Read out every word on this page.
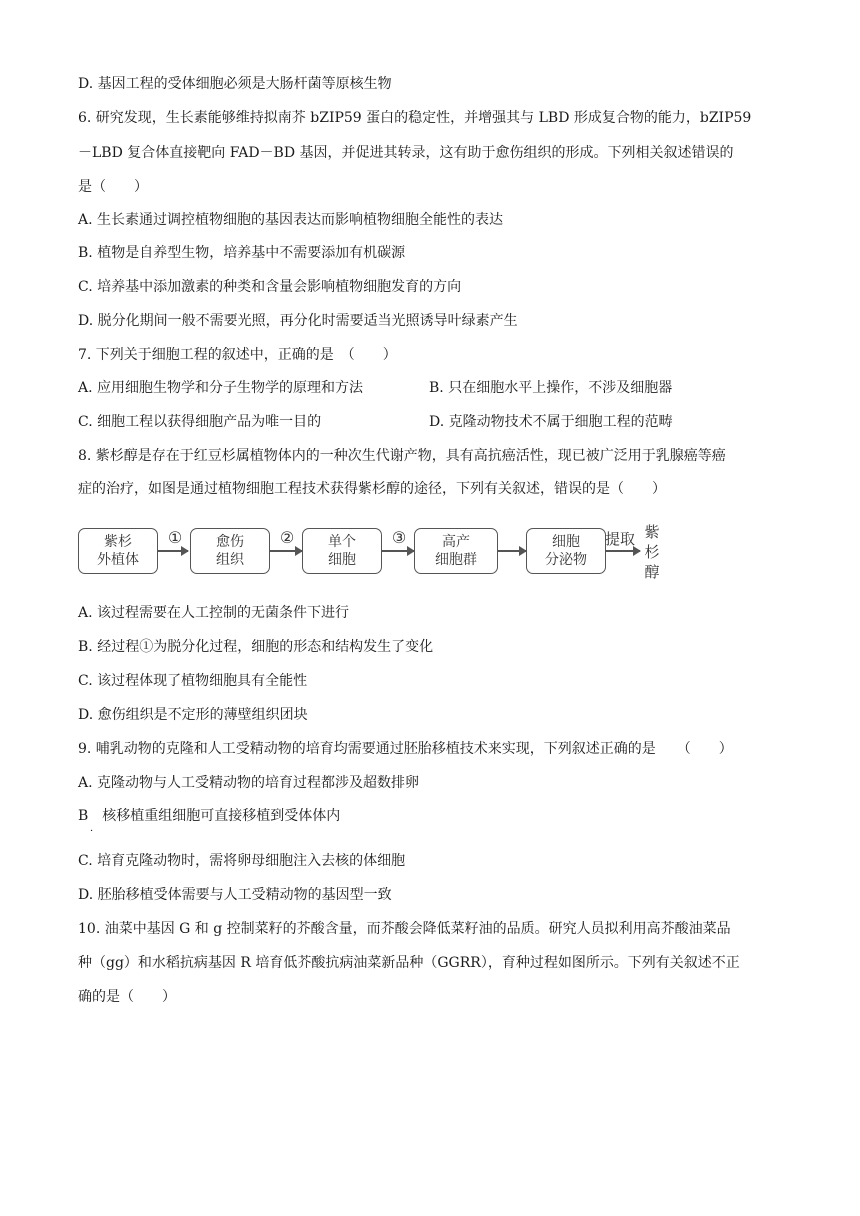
D. 基因工程的受体细胞必须是大肠杆菌等原核生物
6. 研究发现，生长素能够维持拟南芥 bZIP59 蛋白的稳定性，并增强其与 LBD 形成复合物的能力，bZIP59
－LBD 复合体直接靶向 FAD－BD 基因，并促进其转录，这有助于愈伤组织的形成。下列相关叙述错误的
是（　　）
A. 生长素通过调控植物细胞的基因表达而影响植物细胞全能性的表达
B. 植物是自养型生物，培养基中不需要添加有机碳源
C. 培养基中添加激素的种类和含量会影响植物细胞发育的方向
D. 脱分化期间一般不需要光照，再分化时需要适当光照诱导叶绿素产生
7. 下列关于细胞工程的叙述中，正确的是　（　　）
A. 应用细胞生物学和分子生物学的原理和方法	B. 只在细胞水平上操作，不涉及细胞器
C. 细胞工程以获得细胞产品为唯一目的	D. 克隆动物技术不属于细胞工程的范畴
8. 紫杉醇是存在于红豆杉属植物体内的一种次生代谢产物，具有高抗癌活性，现已被广泛用于乳腺癌等癌
症的治疗，如图是通过植物细胞工程技术获得紫杉醇的途径，下列有关叙述，错误的是（　　）
紫杉
外植体
①	愈伤
组织
②	单个
细胞
③	高产
细胞群
细胞
分泌物
提取 紫
杉
醇
A. 该过程需要在人工控制的无菌条件下进行
B. 经过程①为脱分化过程，细胞的形态和结构发生了变化
C. 该过程体现了植物细胞具有全能性
D. 愈伤组织是不定形的薄壁组织团块
9. 哺乳动物的克隆和人工受精动物的培育均需要通过胚胎移植技术来实现，下列叙述正确的是　　（　　）
A. 克隆动物与人工受精动物的培育过程都涉及超数排卵
B　核移植重组细胞可直接移植到受体体内
．
C. 培育克隆动物时，需将卵母细胞注入去核的体细胞
D. 胚胎移植受体需要与人工受精动物的基因型一致
10. 油菜中基因 G 和 g 控制菜籽的芥酸含量，而芥酸会降低菜籽油的品质。研究人员拟利用高芥酸油菜品
种（gg）和水稻抗病基因 R 培育低芥酸抗病油菜新品种（GGRR），育种过程如图所示。下列有关叙述不正
确的是（　　）
